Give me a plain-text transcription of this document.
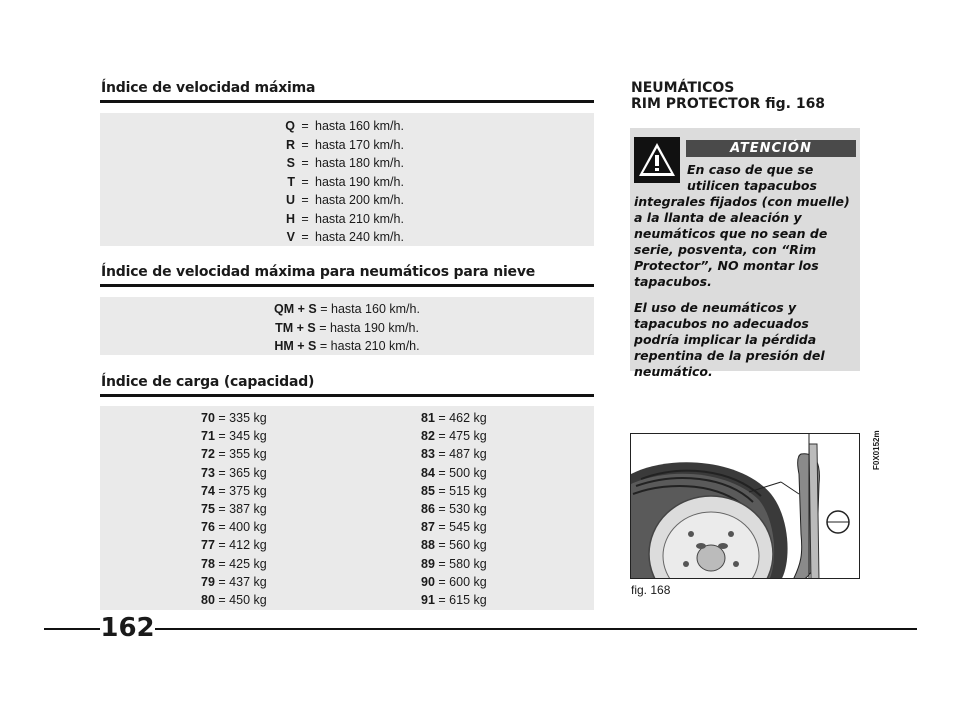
Índice de velocidad máxima
Q = hasta 160 km/h.
R = hasta 170 km/h.
S = hasta 180 km/h.
T = hasta 190 km/h.
U = hasta 200 km/h.
H = hasta 210 km/h.
V = hasta 240 km/h.
Índice de velocidad máxima para neumáticos para nieve
QM + S = hasta 160 km/h.
TM + S = hasta 190 km/h.
HM + S = hasta 210 km/h.
Índice de carga (capacidad)
70 = 335 kg
71 = 345 kg
72 = 355 kg
73 = 365 kg
74 = 375 kg
75 = 387 kg
76 = 400 kg
77 = 412 kg
78 = 425 kg
79 = 437 kg
80 = 450 kg
81 = 462 kg
82 = 475 kg
83 = 487 kg
84 = 500 kg
85 = 515 kg
86 = 530 kg
87 = 545 kg
88 = 560 kg
89 = 580 kg
90 = 600 kg
91 = 615 kg
NEUMÁTICOS
RIM PROTECTOR fig. 168
ATENCIÓN
En caso de que se
utilicen tapacubos
integrales fijados (con muelle) a la llanta de aleación y neumáticos que no sean de serie, posventa, con “Rim Protector”, NO montar los tapacubos.
El uso de neumáticos y tapacubos no adecuados podría implicar la pérdida repentina de la presión del neumático.
F0X0152m
fig. 168
162
